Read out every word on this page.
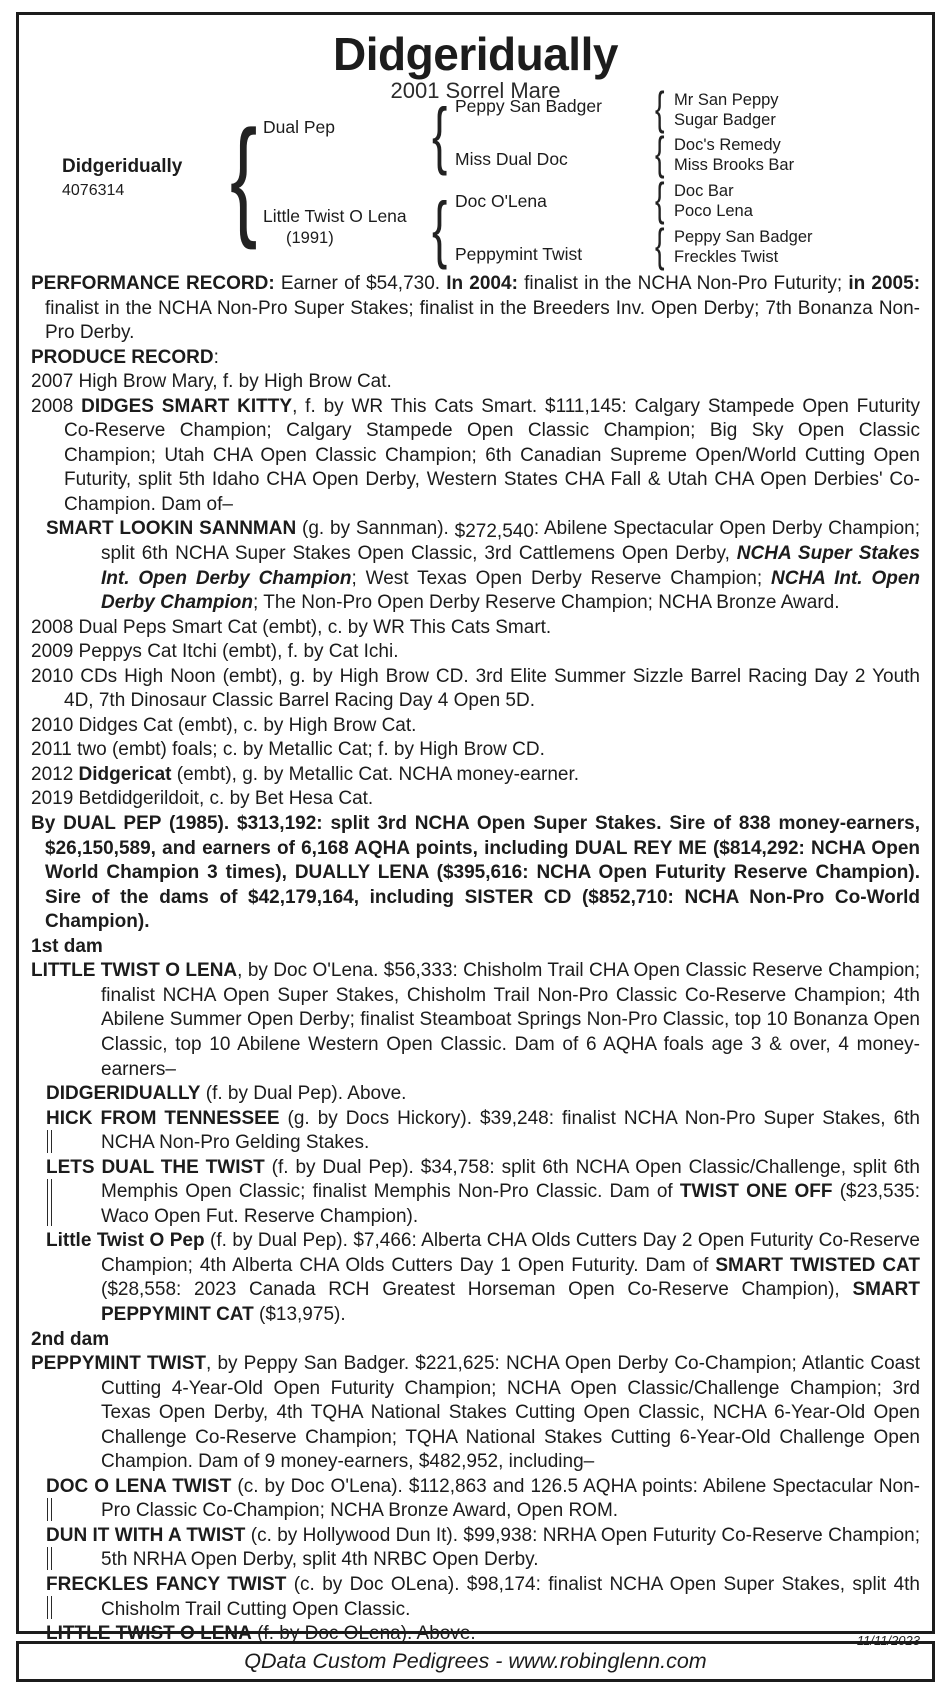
Didgeridually
2001 Sorrel Mare
Didgeridually
4076314 { Dual Pep
Little Twist O Lena
(1991)
{
{
Peppy San Badger
Miss Dual Doc
Doc O'Lena
Peppymint Twist
{
{
{
{
Mr San Peppy
Sugar Badger
Doc's Remedy
Miss Brooks Bar
Doc Bar
Poco Lena
Peppy San Badger
Freckles Twist
PERFORMANCE RECORD: Earner of $54,730. In 2004: finalist in the NCHA Non-Pro Futurity; in 2005: finalist in the NCHA Non-Pro Super Stakes; finalist in the Breeders Inv. Open Derby; 7th Bonanza Non-Pro Derby.
PRODUCE RECORD:
2007 High Brow Mary, f. by High Brow Cat.
2008 DIDGES SMART KITTY, f. by WR This Cats Smart. $111,145: Calgary Stampede Open Futurity Co-Reserve Champion; Calgary Stampede Open Classic Champion; Big Sky Open Classic Champion; Utah CHA Open Classic Champion; 6th Canadian Supreme Open/World Cutting Open Futurity, split 5th Idaho CHA Open Derby, Western States CHA Fall & Utah CHA Open Derbies' Co-Champion. Dam of–
SMART LOOKIN SANNMAN (g. by Sannman). $272,540: Abilene Spectacular Open Derby Champion; split 6th NCHA Super Stakes Open Classic, 3rd Cattlemens Open Derby, NCHA Super Stakes Int. Open Derby Champion; West Texas Open Derby Reserve Champion; NCHA Int. Open Derby Champion; The Non-Pro Open Derby Reserve Champion; NCHA Bronze Award.
2008 Dual Peps Smart Cat (embt), c. by WR This Cats Smart.
2009 Peppys Cat Itchi (embt), f. by Cat Ichi.
2010 CDs High Noon (embt), g. by High Brow CD. 3rd Elite Summer Sizzle Barrel Racing Day 2 Youth 4D, 7th Dinosaur Classic Barrel Racing Day 4 Open 5D.
2010 Didges Cat (embt), c. by High Brow Cat.
2011 two (embt) foals; c. by Metallic Cat; f. by High Brow CD.
2012 Didgericat (embt), g. by Metallic Cat. NCHA money-earner.
2019 Betdidgerildoit, c. by Bet Hesa Cat.
By DUAL PEP (1985). $313,192: split 3rd NCHA Open Super Stakes. Sire of 838 money-earners, $26,150,589, and earners of 6,168 AQHA points, including DUAL REY ME ($814,292: NCHA Open World Champion 3 times), DUALLY LENA ($395,616: NCHA Open Futurity Reserve Champion). Sire of the dams of $42,179,164, including SISTER CD ($852,710: NCHA Non-Pro Co-World Champion).
1st dam
LITTLE TWIST O LENA, by Doc O'Lena. $56,333: Chisholm Trail CHA Open Classic Reserve Champion; finalist NCHA Open Super Stakes, Chisholm Trail Non-Pro Classic Co-Reserve Champion; 4th Abilene Summer Open Derby; finalist Steamboat Springs Non-Pro Classic, top 10 Bonanza Open Classic, top 10 Abilene Western Open Classic. Dam of 6 AQHA foals age 3 & over, 4 money-earners–
DIDGERIDUALLY (f. by Dual Pep). Above.
HICK FROM TENNESSEE (g. by Docs Hickory). $39,248: finalist NCHA Non-Pro Super Stakes, 6th NCHA Non-Pro Gelding Stakes.
LETS DUAL THE TWIST (f. by Dual Pep). $34,758: split 6th NCHA Open Classic/Challenge, split 6th Memphis Open Classic; finalist Memphis Non-Pro Classic. Dam of TWIST ONE OFF ($23,535: Waco Open Fut. Reserve Champion).
Little Twist O Pep (f. by Dual Pep). $7,466: Alberta CHA Olds Cutters Day 2 Open Futurity Co-Reserve Champion; 4th Alberta CHA Olds Cutters Day 1 Open Futurity. Dam of SMART TWISTED CAT ($28,558: 2023 Canada RCH Greatest Horseman Open Co-Reserve Champion), SMART PEPPYMINT CAT ($13,975).
2nd dam
PEPPYMINT TWIST, by Peppy San Badger. $221,625: NCHA Open Derby Co-Champion; Atlantic Coast Cutting 4-Year-Old Open Futurity Champion; NCHA Open Classic/Challenge Champion; 3rd Texas Open Derby, 4th TQHA National Stakes Cutting Open Classic, NCHA 6-Year-Old Open Challenge Co-Reserve Champion; TQHA National Stakes Cutting 6-Year-Old Challenge Open Champion. Dam of 9 money-earners, $482,952, including–
DOC O LENA TWIST (c. by Doc O'Lena). $112,863 and 126.5 AQHA points: Abilene Spectacular Non-Pro Classic Co-Champion; NCHA Bronze Award, Open ROM.
DUN IT WITH A TWIST (c. by Hollywood Dun It). $99,938: NRHA Open Futurity Co-Reserve Champion; 5th NRHA Open Derby, split 4th NRBC Open Derby.
FRECKLES FANCY TWIST (c. by Doc OLena). $98,174: finalist NCHA Open Super Stakes, split 4th Chisholm Trail Cutting Open Classic.
11/11/2023
LITTLE TWIST O LENA (f. by Doc OLena). Above.
QData Custom Pedigrees - www.robinglenn.com
